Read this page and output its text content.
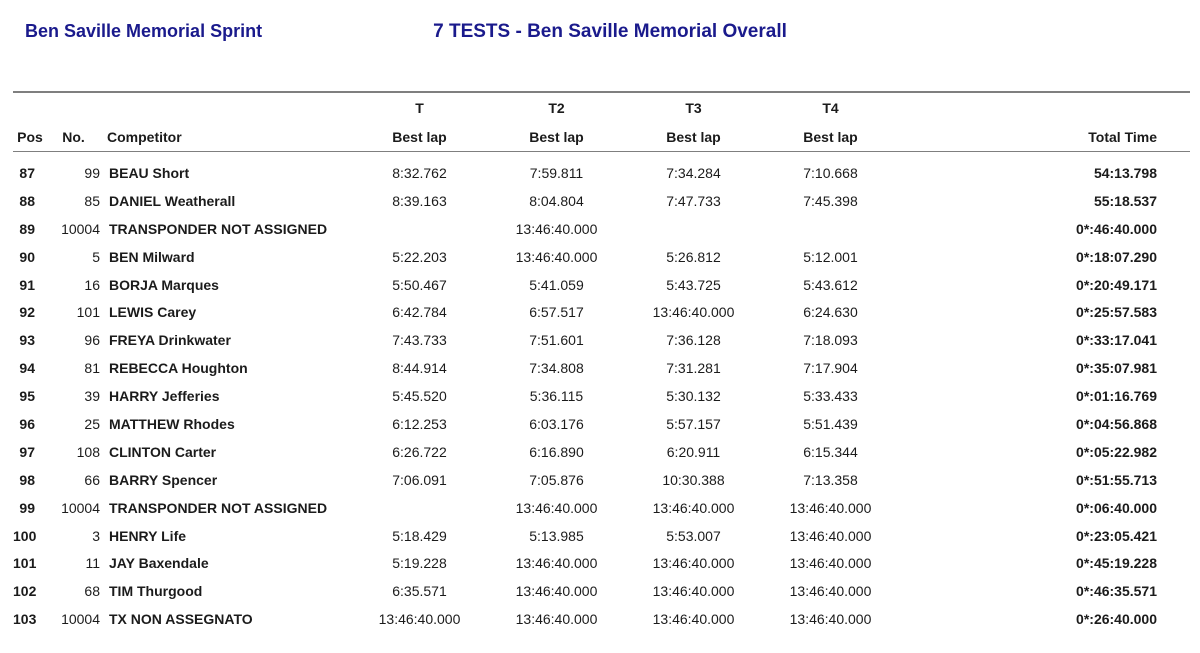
Ben Saville Memorial Sprint	7 TESTS - Ben Saville Memorial Overall
			T	T2	T3	T4	
Pos	No.	Competitor	Best lap	Best lap	Best lap	Best lap	Total Time
87	99	BEAU Short	8:32.762	7:59.811	7:34.284	7:10.668	54:13.798
88	85	DANIEL Weatherall	8:39.163	8:04.804	7:47.733	7:45.398	55:18.537
89	10004	TRANSPONDER NOT ASSIGNED		13:46:40.000			0*:46:40.000
90	5	BEN Milward	5:22.203	13:46:40.000	5:26.812	5:12.001	0*:18:07.290
91	16	BORJA Marques	5:50.467	5:41.059	5:43.725	5:43.612	0*:20:49.171
92	101	LEWIS Carey	6:42.784	6:57.517	13:46:40.000	6:24.630	0*:25:57.583
93	96	FREYA Drinkwater	7:43.733	7:51.601	7:36.128	7:18.093	0*:33:17.041
94	81	REBECCA Houghton	8:44.914	7:34.808	7:31.281	7:17.904	0*:35:07.981
95	39	HARRY Jefferies	5:45.520	5:36.115	5:30.132	5:33.433	0*:01:16.769
96	25	MATTHEW Rhodes	6:12.253	6:03.176	5:57.157	5:51.439	0*:04:56.868
97	108	CLINTON Carter	6:26.722	6:16.890	6:20.911	6:15.344	0*:05:22.982
98	66	BARRY Spencer	7:06.091	7:05.876	10:30.388	7:13.358	0*:51:55.713
99	10004	TRANSPONDER NOT ASSIGNED		13:46:40.000	13:46:40.000	13:46:40.000	0*:06:40.000
100	3	HENRY Life	5:18.429	5:13.985	5:53.007	13:46:40.000	0*:23:05.421
101	11	JAY Baxendale	5:19.228	13:46:40.000	13:46:40.000	13:46:40.000	0*:45:19.228
102	68	TIM Thurgood	6:35.571	13:46:40.000	13:46:40.000	13:46:40.000	0*:46:35.571
103	10004	TX NON ASSEGNATO	13:46:40.000	13:46:40.000	13:46:40.000	13:46:40.000	0*:26:40.000
